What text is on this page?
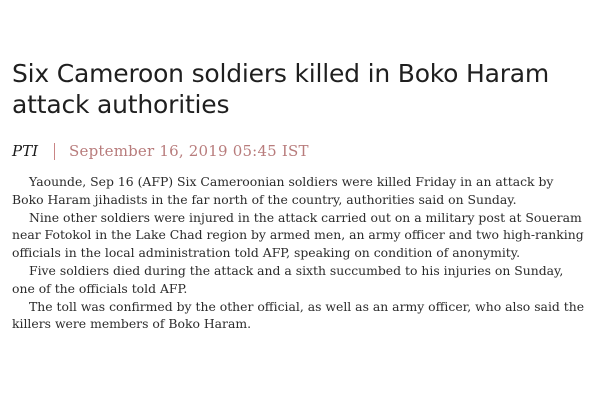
Six Cameroon soldiers killed in Boko Haram attack authorities
PTI September 16, 2019 05:45 IST

Yaounde, Sep 16 (AFP) Six Cameroonian soldiers were killed Friday in an attack by Boko Haram jihadists in the far north of the country, authorities said on Sunday.

Nine other soldiers were injured in the attack carried out on a military post at Soueram near Fotokol in the Lake Chad region by armed men, an army officer and two high-ranking officials in the local administration told AFP, speaking on condition of anonymity.

Five soldiers died during the attack and a sixth succumbed to his injuries on Sunday, one of the officials told AFP.

The toll was confirmed by the other official, as well as an army officer, who also said the killers were members of Boko Haram.
